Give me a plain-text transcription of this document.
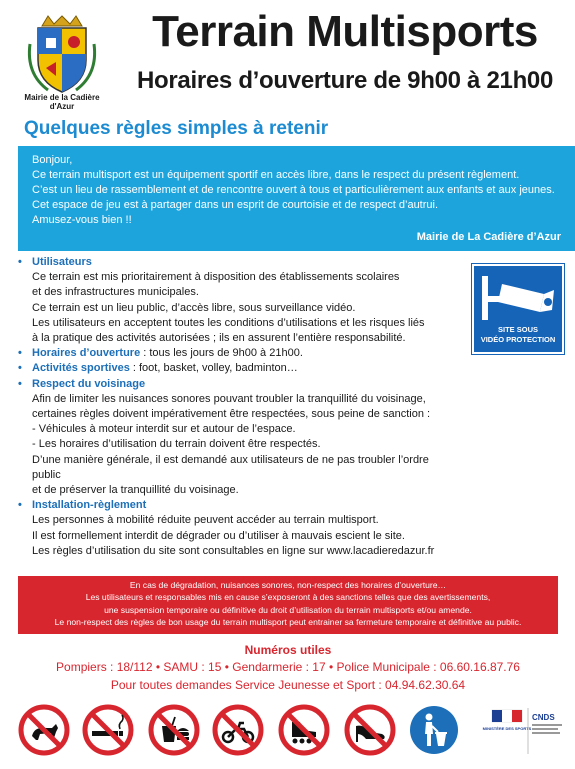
Mairie de la Cadière d'Azur
Terrain Multisports
Horaires d’ouverture de 9h00 à 21h00
Quelques règles simples à retenir

Bonjour,

Ce terrain multisport est un équipement sportif en accès libre, dans le respect du présent règlement.

C’est un lieu de rassemblement et de rencontre ouvert à tous et particulièrement aux enfants et aux jeunes.

Cet espace de jeu est à partager dans un esprit de courtoisie et de respect d’autrui.

Amusez-vous bien !!

Mairie de La Cadière d’Azur

• Utilisateurs
Ce terrain est mis prioritairement à disposition des établissements scolaires
et des infrastructures municipales.
Ce terrain est un lieu public, d’accès libre, sous surveillance vidéo.
Les utilisateurs en acceptent toutes les conditions d’utilisations et les risques liés
à la pratique des activités autorisées ; ils en assurent l’entière responsabilité.
• Horaires d’ouverture : tous les jours de 9h00 à 21h00.
• Activités sportives : foot, basket, volley, badminton…
• Respect du voisinage
Afin de limiter les nuisances sonores pouvant troubler la tranquillité du voisinage,
certaines règles doivent impérativement être respectées, sous peine de sanction :
- Véhicules à moteur interdit sur et autour de l’espace.
- Les horaires d’utilisation du terrain doivent être respectés.
D’une manière générale, il est demandé aux utilisateurs de ne pas troubler l’ordre public
et de préserver la tranquillité du voisinage.
• Installation-règlement
Les personnes à mobilité réduite peuvent accéder au terrain multisport.
Il est formellement interdit de dégrader ou d’utiliser à mauvais escient le site.
Les règles d’utilisation du site sont consultables en ligne sur www.lacadieredazur.fr
SITE SOUS
VIDÉO PROTECTION

En cas de dégradation, nuisances sonores, non-respect des horaires d’ouverture…

Les utilisateurs et responsables mis en cause s’exposeront à des sanctions telles que des avertissements,

une suspension temporaire ou définitive du droit d’utilisation du terrain multisports et/ou amende.

Le non-respect des règles de bon usage du terrain multisport peut entrainer sa fermeture temporaire et définitive au public.

Numéros utiles
Pompiers : 18/112 • SAMU : 15 • Gendarmerie : 17 • Police Municipale : 06.60.16.87.76
Pour toutes demandes Service Jeunesse et Sport : 04.94.62.30.64
MINISTÈRE DES SPORTS
CNDS
